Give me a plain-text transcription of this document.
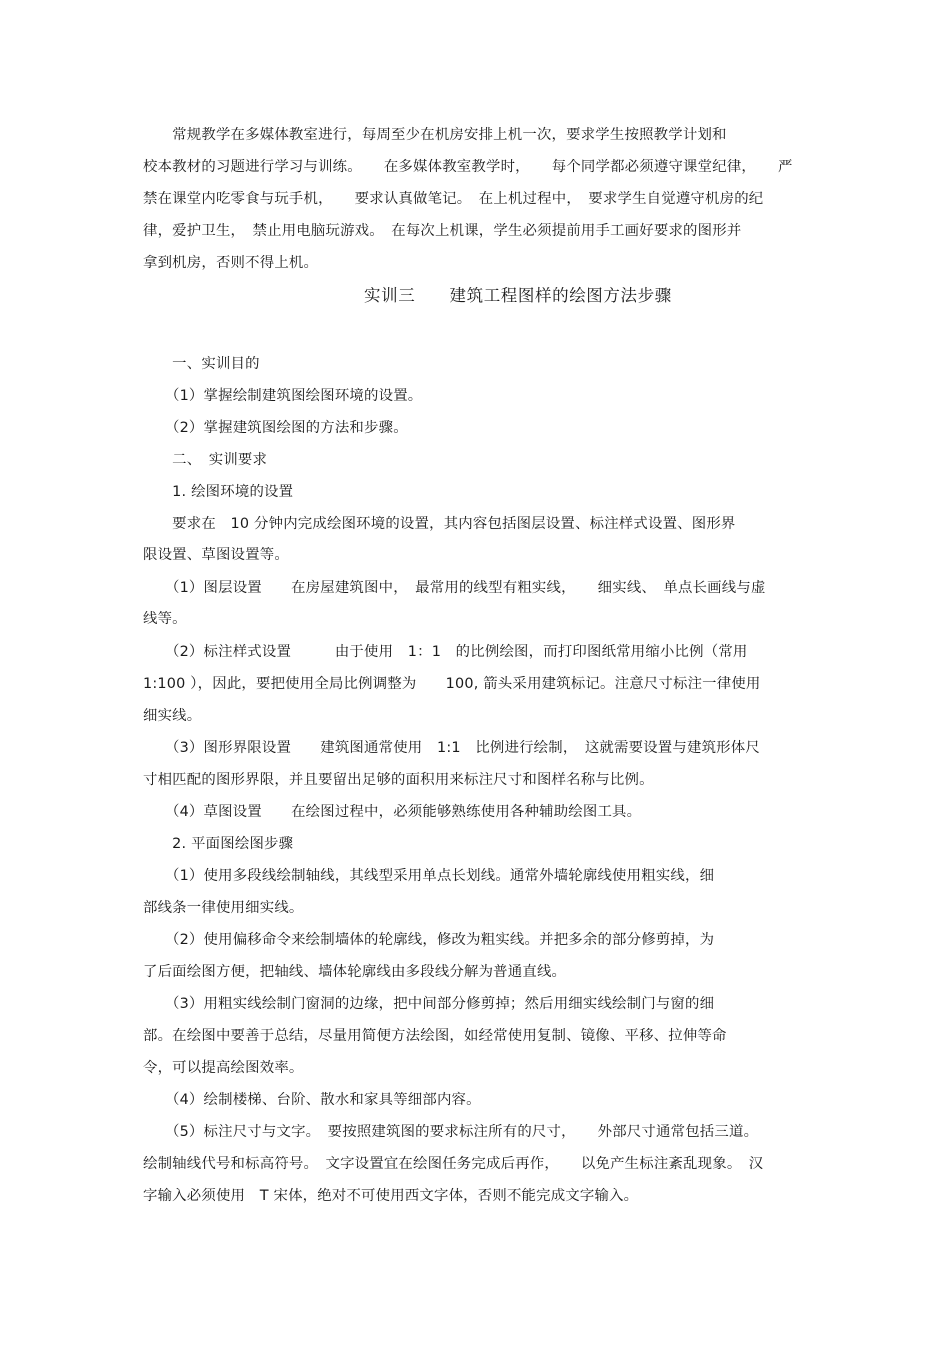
　　常规教学在多媒体教室进行，每周至少在机房安排上机一次，要求学生按照教学计划和
校本教材的习题进行学习与训练。　　在多媒体教室教学时，　　每个同学都必须遵守课堂纪律，　　严
禁在课堂内吃零食与玩手机，　　要求认真做笔记。　在上机过程中，　要求学生自觉遵守机房的纪
律，爱护卫生，　禁止用电脑玩游戏。　在每次上机课，学生必须提前用手工画好要求的图形并
拿到机房，否则不得上机。
实训三　　建筑工程图样的绘图方法步骤
　　一、实训目的
　　（1）掌握绘制建筑图绘图环境的设置。
　　（2）掌握建筑图绘图的方法和步骤。
　　二、　实训要求
　　1. 绘图环境的设置
　　要求在　10 分钟内完成绘图环境的设置，其内容包括图层设置、标注样式设置、图形界
限设置、草图设置等。
　　（1）图层设置　　在房屋建筑图中，　最常用的线型有粗实线，　　细实线、　单点长画线与虚
线等。
　　（2）标注样式设置　　　由于使用　1：1　的比例绘图，而打印图纸常用缩小比例（常用
1:100 ），因此，要把使用全局比例调整为　　100, 箭头采用建筑标记。注意尺寸标注一律使用
细实线。
　　（3）图形界限设置　　建筑图通常使用　1:1　比例进行绘制，　这就需要设置与建筑形体尺
寸相匹配的图形界限，并且要留出足够的面积用来标注尺寸和图样名称与比例。
　　（4）草图设置　　在绘图过程中，必须能够熟练使用各种辅助绘图工具。
　　2. 平面图绘图步骤
　　（1）使用多段线绘制轴线，其线型采用单点长划线。通常外墙轮廓线使用粗实线，细
部线条一律使用细实线。
　　（2）使用偏移命令来绘制墙体的轮廓线，修改为粗实线。并把多余的部分修剪掉，为
了后面绘图方便，把轴线、墙体轮廓线由多段线分解为普通直线。
　　（3）用粗实线绘制门窗洞的边缘，把中间部分修剪掉；然后用细实线绘制门与窗的细
部。在绘图中要善于总结，尽量用简便方法绘图，如经常使用复制、镜像、平移、拉伸等命
令，可以提高绘图效率。
　　（4）绘制楼梯、台阶、散水和家具等细部内容。
　　（5）标注尺寸与文字。　要按照建筑图的要求标注所有的尺寸，　　外部尺寸通常包括三道。
绘制轴线代号和标高符号。　文字设置宜在绘图任务完成后再作，　　以免产生标注紊乱现象。　汉
字输入必须使用　T 宋体，绝对不可使用西文字体，否则不能完成文字输入。
